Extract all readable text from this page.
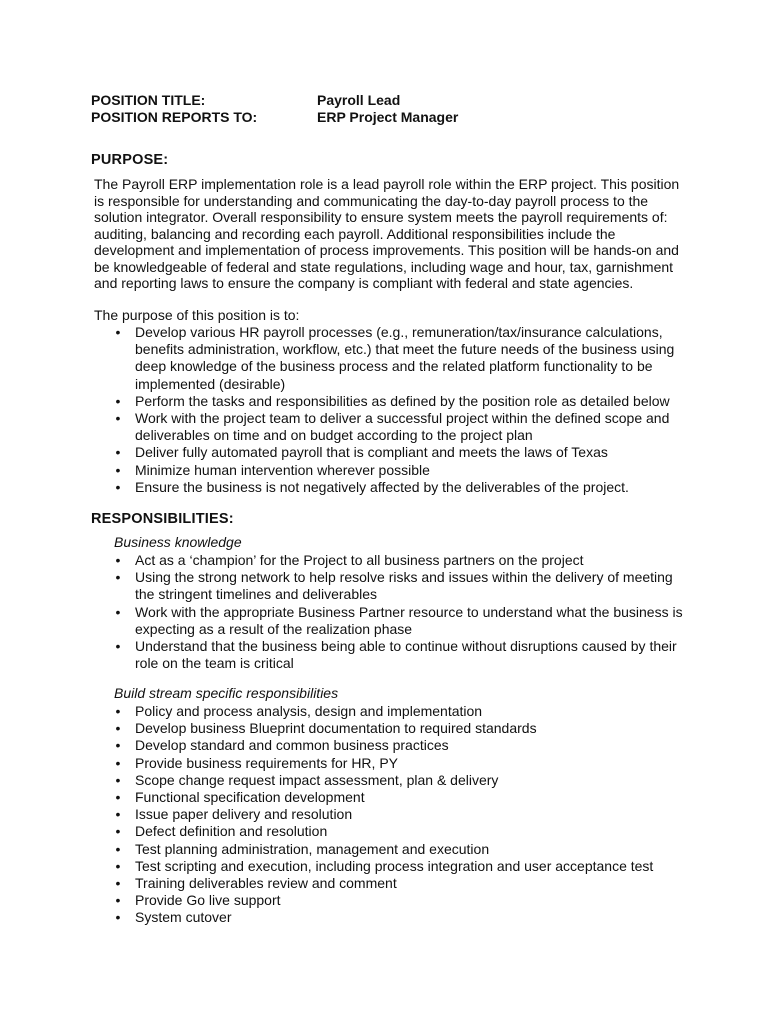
POSITION TITLE:	Payroll Lead
POSITION REPORTS TO:	ERP Project Manager
PURPOSE:
The Payroll ERP implementation role is a lead payroll role within the ERP project. This position
is responsible for understanding and communicating the day-to-day payroll process to the
solution integrator. Overall responsibility to ensure system meets the payroll requirements of:
auditing, balancing and recording each payroll. Additional responsibilities include the
development and implementation of process improvements. This position will be hands-on and
be knowledgeable of federal and state regulations, including wage and hour, tax, garnishment
and reporting laws to ensure the company is compliant with federal and state agencies.
The purpose of this position is to:
• Develop various HR payroll processes (e.g., remuneration/tax/insurance calculations,
benefits administration, workflow, etc.) that meet the future needs of the business using
deep knowledge of the business process and the related platform functionality to be
implemented (desirable)
• Perform the tasks and responsibilities as defined by the position role as detailed below
• Work with the project team to deliver a successful project within the defined scope and
deliverables on time and on budget according to the project plan
• Deliver fully automated payroll that is compliant and meets the laws of Texas
• Minimize human intervention wherever possible
• Ensure the business is not negatively affected by the deliverables of the project.
RESPONSIBILITIES:
Business knowledge
• Act as a ‘champion’ for the Project to all business partners on the project
• Using the strong network to help resolve risks and issues within the delivery of meeting
the stringent timelines and deliverables
• Work with the appropriate Business Partner resource to understand what the business is
expecting as a result of the realization phase
• Understand that the business being able to continue without disruptions caused by their
role on the team is critical
Build stream specific responsibilities
• Policy and process analysis, design and implementation
• Develop business Blueprint documentation to required standards
• Develop standard and common business practices
• Provide business requirements for HR, PY
• Scope change request impact assessment, plan & delivery
• Functional specification development
• Issue paper delivery and resolution
• Defect definition and resolution
• Test planning administration, management and execution
• Test scripting and execution, including process integration and user acceptance test
• Training deliverables review and comment
• Provide Go live support
• System cutover
